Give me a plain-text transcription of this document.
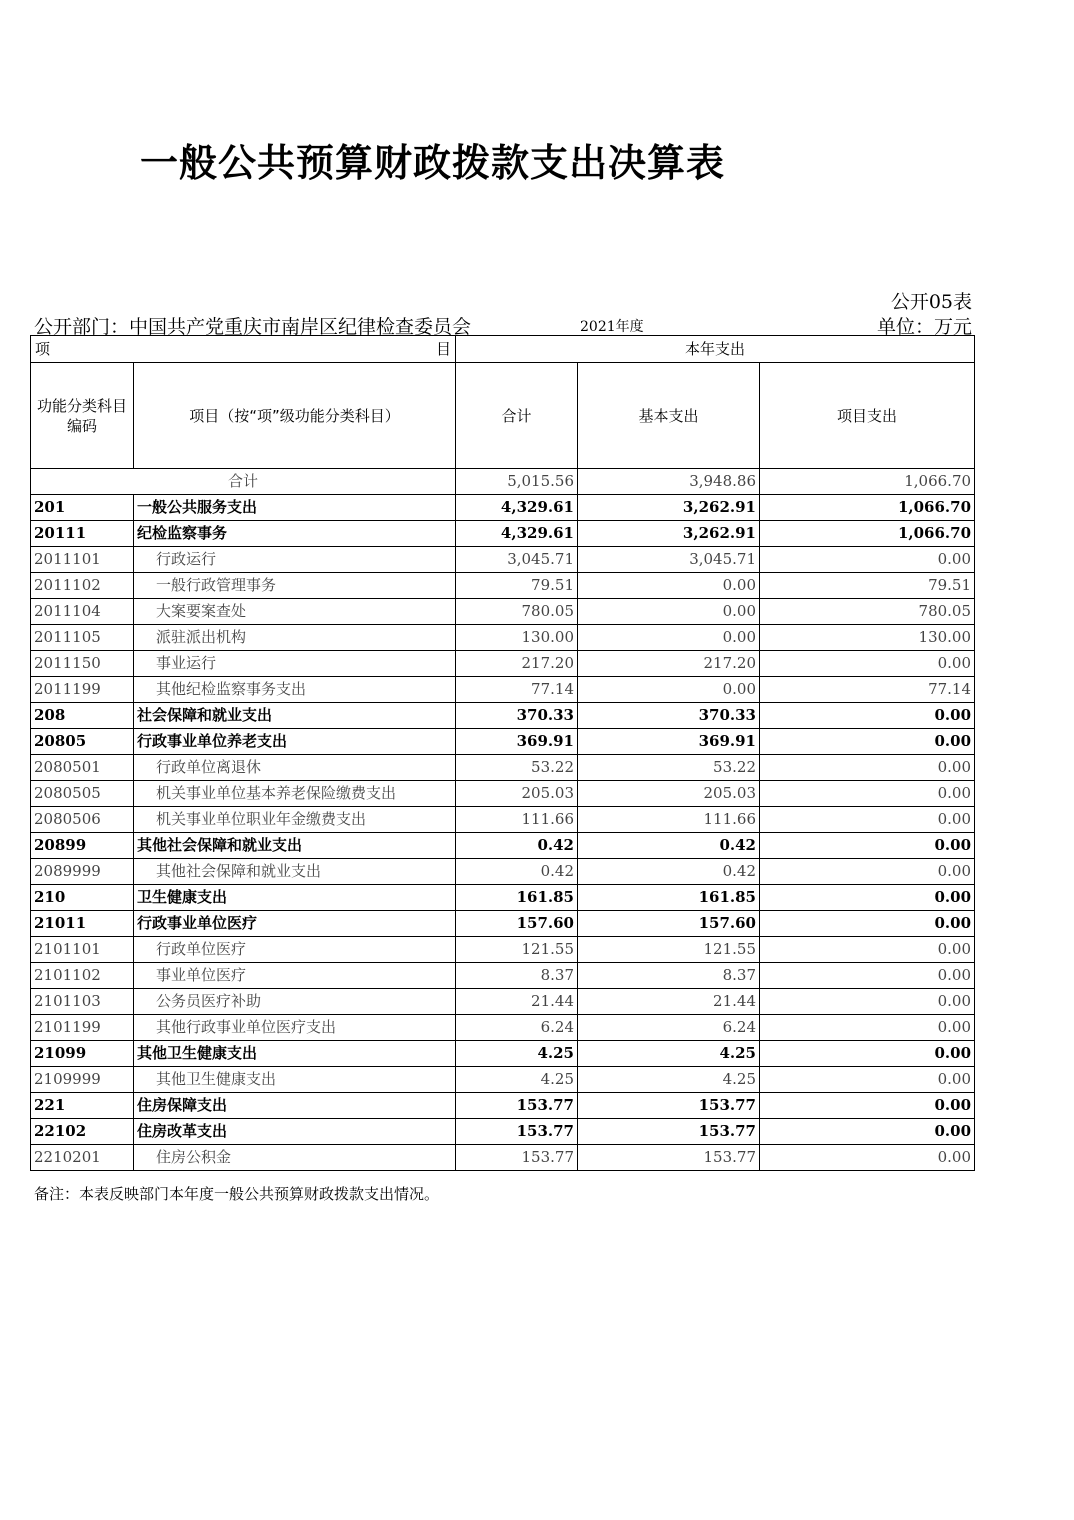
一般公共预算财政拨款支出决算表
公开05表
公开部门：中国共产党重庆市南岸区纪律检查委员会	2021年度	单位：万元
项 目		本年支出		
功能分类科目编码	项目（按“项”级功能分类科目）	合计	基本支出	项目支出
合计		5,015.56	3,948.86	1,066.70
201	一般公共服务支出	4,329.61	3,262.91	1,066.70
20111	纪检监察事务	4,329.61	3,262.91	1,066.70
2011101	行政运行	3,045.71	3,045.71	0.00
2011102	一般行政管理事务	79.51	0.00	79.51
2011104	大案要案查处	780.05	0.00	780.05
2011105	派驻派出机构	130.00	0.00	130.00
2011150	事业运行	217.20	217.20	0.00
2011199	其他纪检监察事务支出	77.14	0.00	77.14
208	社会保障和就业支出	370.33	370.33	0.00
20805	行政事业单位养老支出	369.91	369.91	0.00
2080501	行政单位离退休	53.22	53.22	0.00
2080505	机关事业单位基本养老保险缴费支出	205.03	205.03	0.00
2080506	机关事业单位职业年金缴费支出	111.66	111.66	0.00
20899	其他社会保障和就业支出	0.42	0.42	0.00
2089999	其他社会保障和就业支出	0.42	0.42	0.00
210	卫生健康支出	161.85	161.85	0.00
21011	行政事业单位医疗	157.60	157.60	0.00
2101101	行政单位医疗	121.55	121.55	0.00
2101102	事业单位医疗	8.37	8.37	0.00
2101103	公务员医疗补助	21.44	21.44	0.00
2101199	其他行政事业单位医疗支出	6.24	6.24	0.00
21099	其他卫生健康支出	4.25	4.25	0.00
2109999	其他卫生健康支出	4.25	4.25	0.00
221	住房保障支出	153.77	153.77	0.00
22102	住房改革支出	153.77	153.77	0.00
2210201	住房公积金	153.77	153.77	0.00
备注：本表反映部门本年度一般公共预算财政拨款支出情况。
